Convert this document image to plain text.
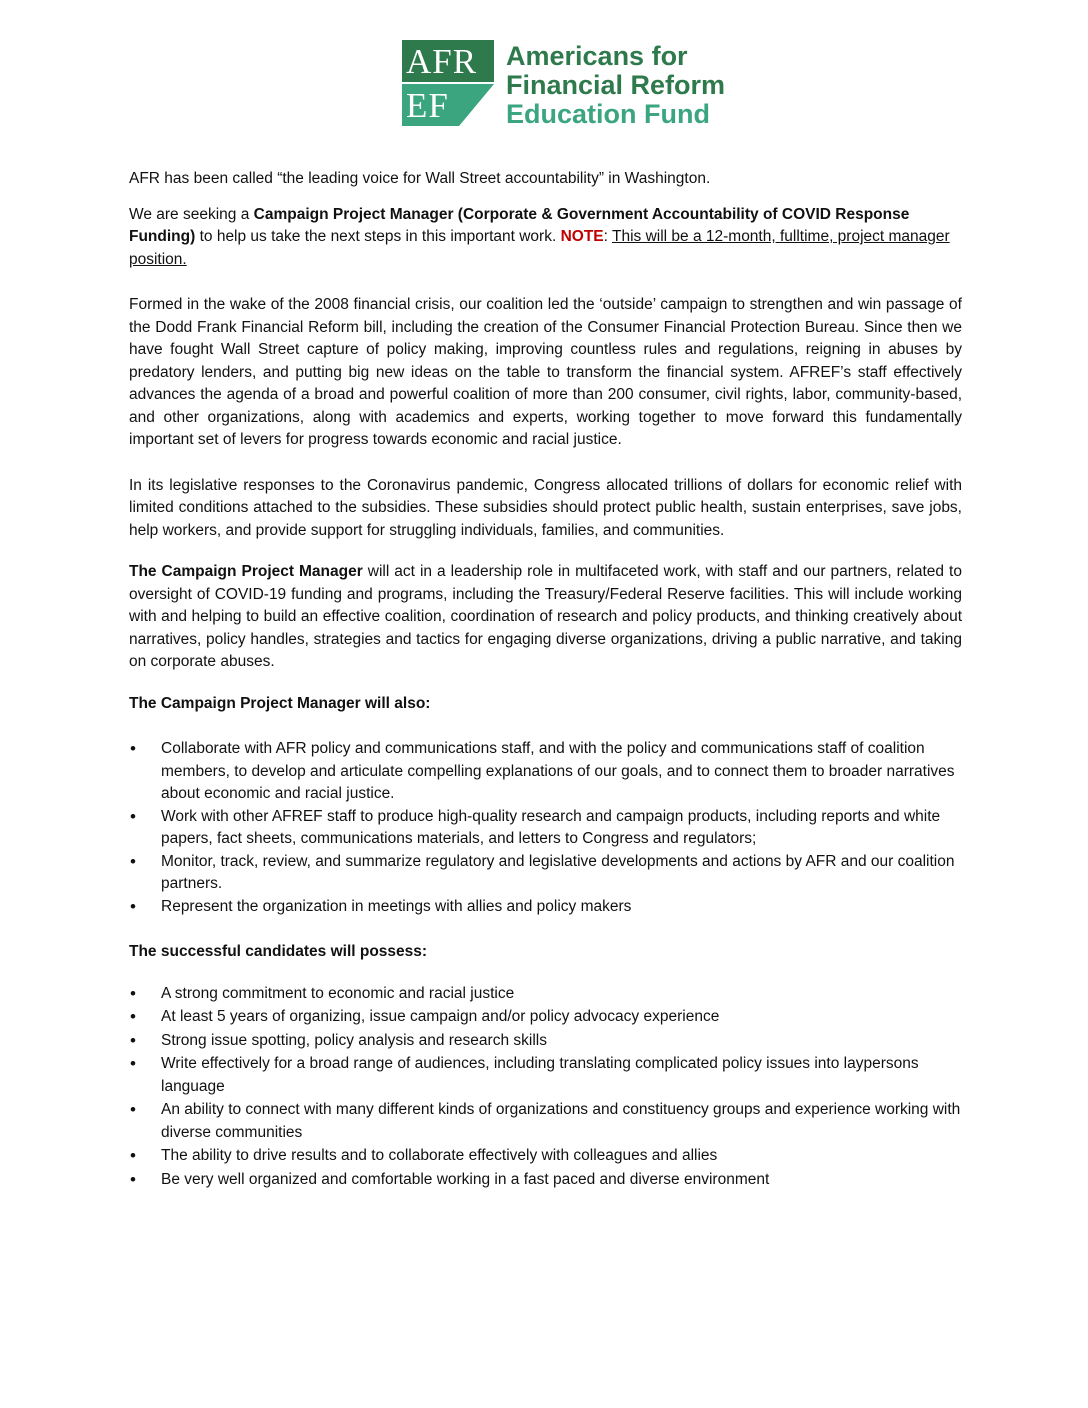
AFR
EF
Americans for
Financial Reform
Education Fund

AFR has been called “the leading voice for Wall Street accountability” in Washington.

We are seeking a Campaign Project Manager (Corporate & Government Accountability of COVID Response Funding) to help us take the next steps in this important work. NOTE: This will be a 12-month, fulltime, project manager position.

Formed in the wake of the 2008 financial crisis, our coalition led the ‘outside’ campaign to strengthen and win passage of the Dodd Frank Financial Reform bill, including the creation of the Consumer Financial Protection Bureau. Since then we have fought Wall Street capture of policy making, improving countless rules and regulations, reigning in abuses by predatory lenders, and putting big new ideas on the table to transform the financial system. AFREF’s staff effectively advances the agenda of a broad and powerful coalition of more than 200 consumer, civil rights, labor, community-based, and other organizations, along with academics and experts, working together to move forward this fundamentally important set of levers for progress towards economic and racial justice.

In its legislative responses to the Coronavirus pandemic, Congress allocated trillions of dollars for economic relief with limited conditions attached to the subsidies. These subsidies should protect public health, sustain enterprises, save jobs, help workers, and provide support for struggling individuals, families, and communities.

The Campaign Project Manager will act in a leadership role in multifaceted work, with staff and our partners, related to oversight of COVID-19 funding and programs, including the Treasury/Federal Reserve facilities. This will include working with and helping to build an effective coalition, coordination of research and policy products, and thinking creatively about narratives, policy handles, strategies and tactics for engaging diverse organizations, driving a public narrative, and taking on corporate abuses.

The Campaign Project Manager will also:

• Collaborate with AFR policy and communications staff, and with the policy and communications staff of coalition members, to develop and articulate compelling explanations of our goals, and to connect them to broader narratives about economic and racial justice.
• Work with other AFREF staff to produce high-quality research and campaign products, including reports and white papers, fact sheets, communications materials, and letters to Congress and regulators;
• Monitor, track, review, and summarize regulatory and legislative developments and actions by AFR and our coalition partners.
• Represent the organization in meetings with allies and policy makers

The successful candidates will possess:

• A strong commitment to economic and racial justice
• At least 5 years of organizing, issue campaign and/or policy advocacy experience
• Strong issue spotting, policy analysis and research skills
• Write effectively for a broad range of audiences, including translating complicated policy issues into laypersons language
• An ability to connect with many different kinds of organizations and constituency groups and experience working with diverse communities
• The ability to drive results and to collaborate effectively with colleagues and allies
• Be very well organized and comfortable working in a fast paced and diverse environment
